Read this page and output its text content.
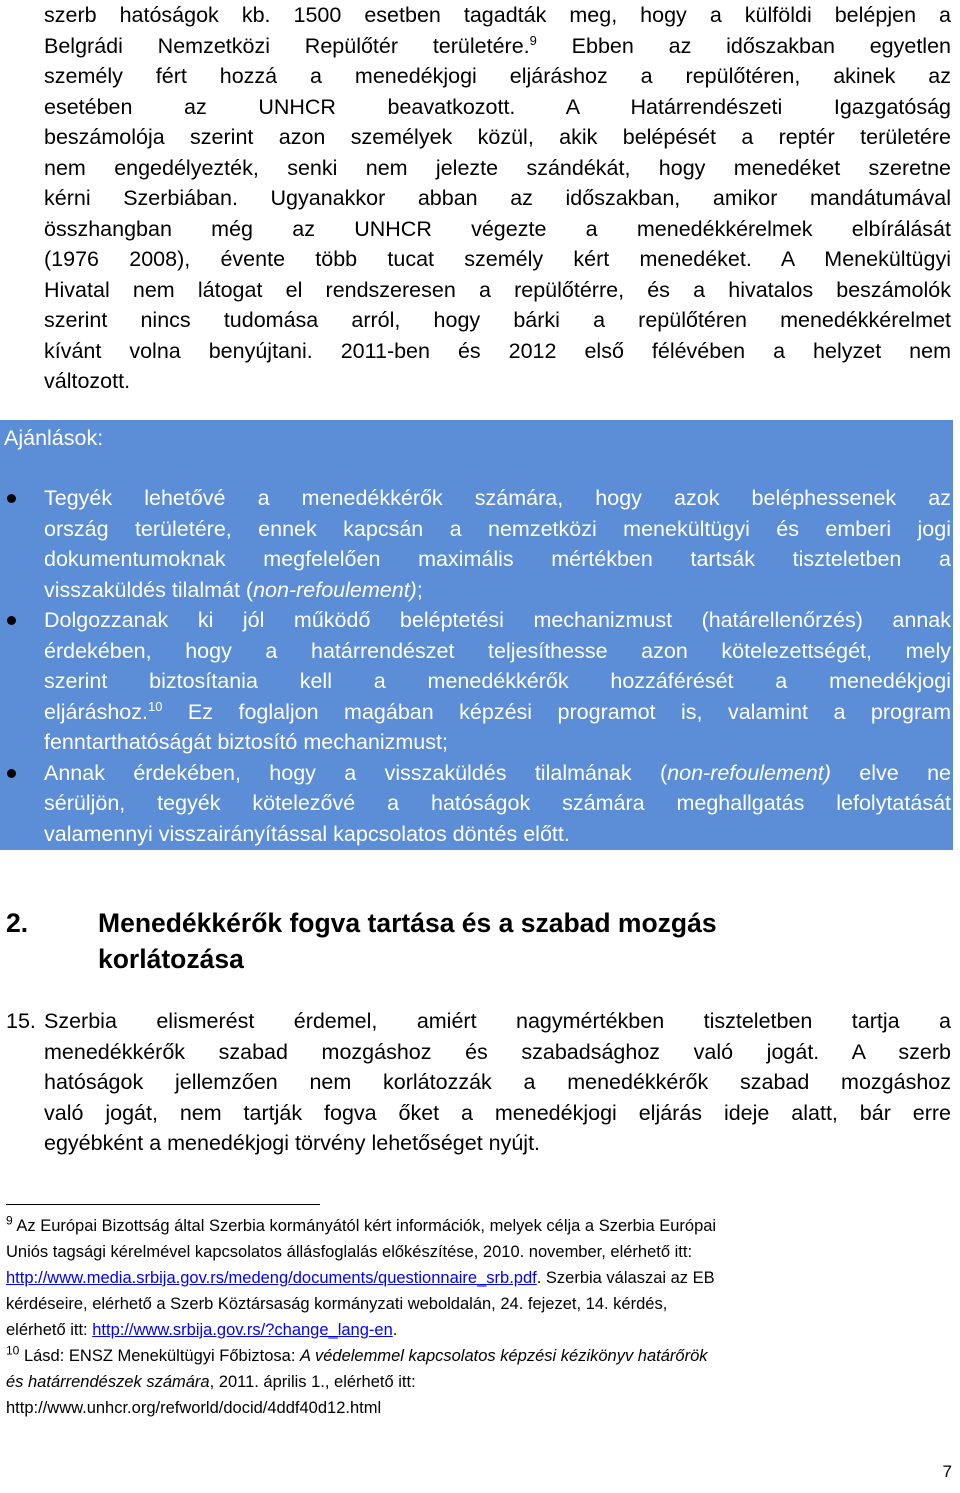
szerb hatóságok kb. 1500 esetben tagadták meg, hogy a külföldi belépjen a
Belgrádi Nemzetközi Repülőtér területére.$^9$ Ebben az időszakban egyetlen
személy fért hozzá a menedékjogi eljáráshoz a repülőtéren, akinek az
esetében az UNHCR beavatkozott. A Határrendészeti Igazgatóság
beszámolója szerint azon személyek közül, akik belépését a reptér területére
nem engedélyezték, senki nem jelezte szándékát, hogy menedéket szeretne
kérni Szerbiában. Ugyanakkor abban az időszakban, amikor mandátumával
összhangban még az UNHCR végezte a menedékkérelmek elbírálását
(1976 2008), évente több tucat személy kért menedéket. A Menekültügyi
Hivatal nem látogat el rendszeresen a repülőtérre, és a hivatalos beszámolók
szerint nincs tudomása arról, hogy bárki a repülőtéren menedékkérelmet
kívánt volna benyújtani. 2011-ben és 2012 első félévében a helyzet nem
változott.
Ajánlások:
Tegyék lehetővé a menedékkérők számára, hogy azok beléphessenek az
ország területére, ennek kapcsán a nemzetközi menekültügyi és emberi jogi
dokumentumoknak megfelelően maximális mértékben tartsák tiszteletben a
visszaküldés tilalmát (non-refoulement);
Dolgozzanak ki jól működő beléptetési mechanizmust (határellenőrzés) annak
érdekében, hogy a határrendészet teljesíthesse azon kötelezettségét, mely
szerint biztosítania kell a menedékkérők hozzáférését a menedékjogi
eljáráshoz.$^{10}$ Ez foglaljon magában képzési programot is, valamint a program
fenntarthatóságát biztosító mechanizmust;
Annak érdekében, hogy a visszaküldés tilalmának (non-refoulement) elve ne
sérüljön, tegyék kötelezővé a hatóságok számára meghallgatás lefolytatását
valamennyi visszairányítással kapcsolatos döntés előtt.
2.	Menedékkérők fogva tartása és a szabad mozgás
korlátozása
15. Szerbia elismerést érdemel, amiért nagymértékben tiszteletben tartja a
menedékkérők szabad mozgáshoz és szabadsághoz való jogát. A szerb
hatóságok jellemzően nem korlátozzák a menedékkérők szabad mozgáshoz
való jogát, nem tartják fogva őket a menedékjogi eljárás ideje alatt, bár erre
egyébként a menedékjogi törvény lehetőséget nyújt.
$^9$ Az Európai Bizottság által Szerbia kormányától kért információk, melyek célja a Szerbia Európai
Uniós tagsági kérelmével kapcsolatos állásfoglalás előkészítése, 2010. november, elérhető itt:
http://www.media.srbija.gov.rs/medeng/documents/questionnaire_srb.pdf. Szerbia válaszai az EB
kérdéseire, elérhető a Szerb Köztársaság kormányzati weboldalán, 24. fejezet, 14. kérdés,
elérhető itt: http://www.srbija.gov.rs/?change_lang-en.
$^{10}$ Lásd: ENSZ Menekültügyi Főbiztosa: A védelemmel kapcsolatos képzési kézikönyv határőrök
és határrendészek számára, 2011. április 1., elérhető itt:
http://www.unhcr.org/refworld/docid/4ddf40d12.html
7
